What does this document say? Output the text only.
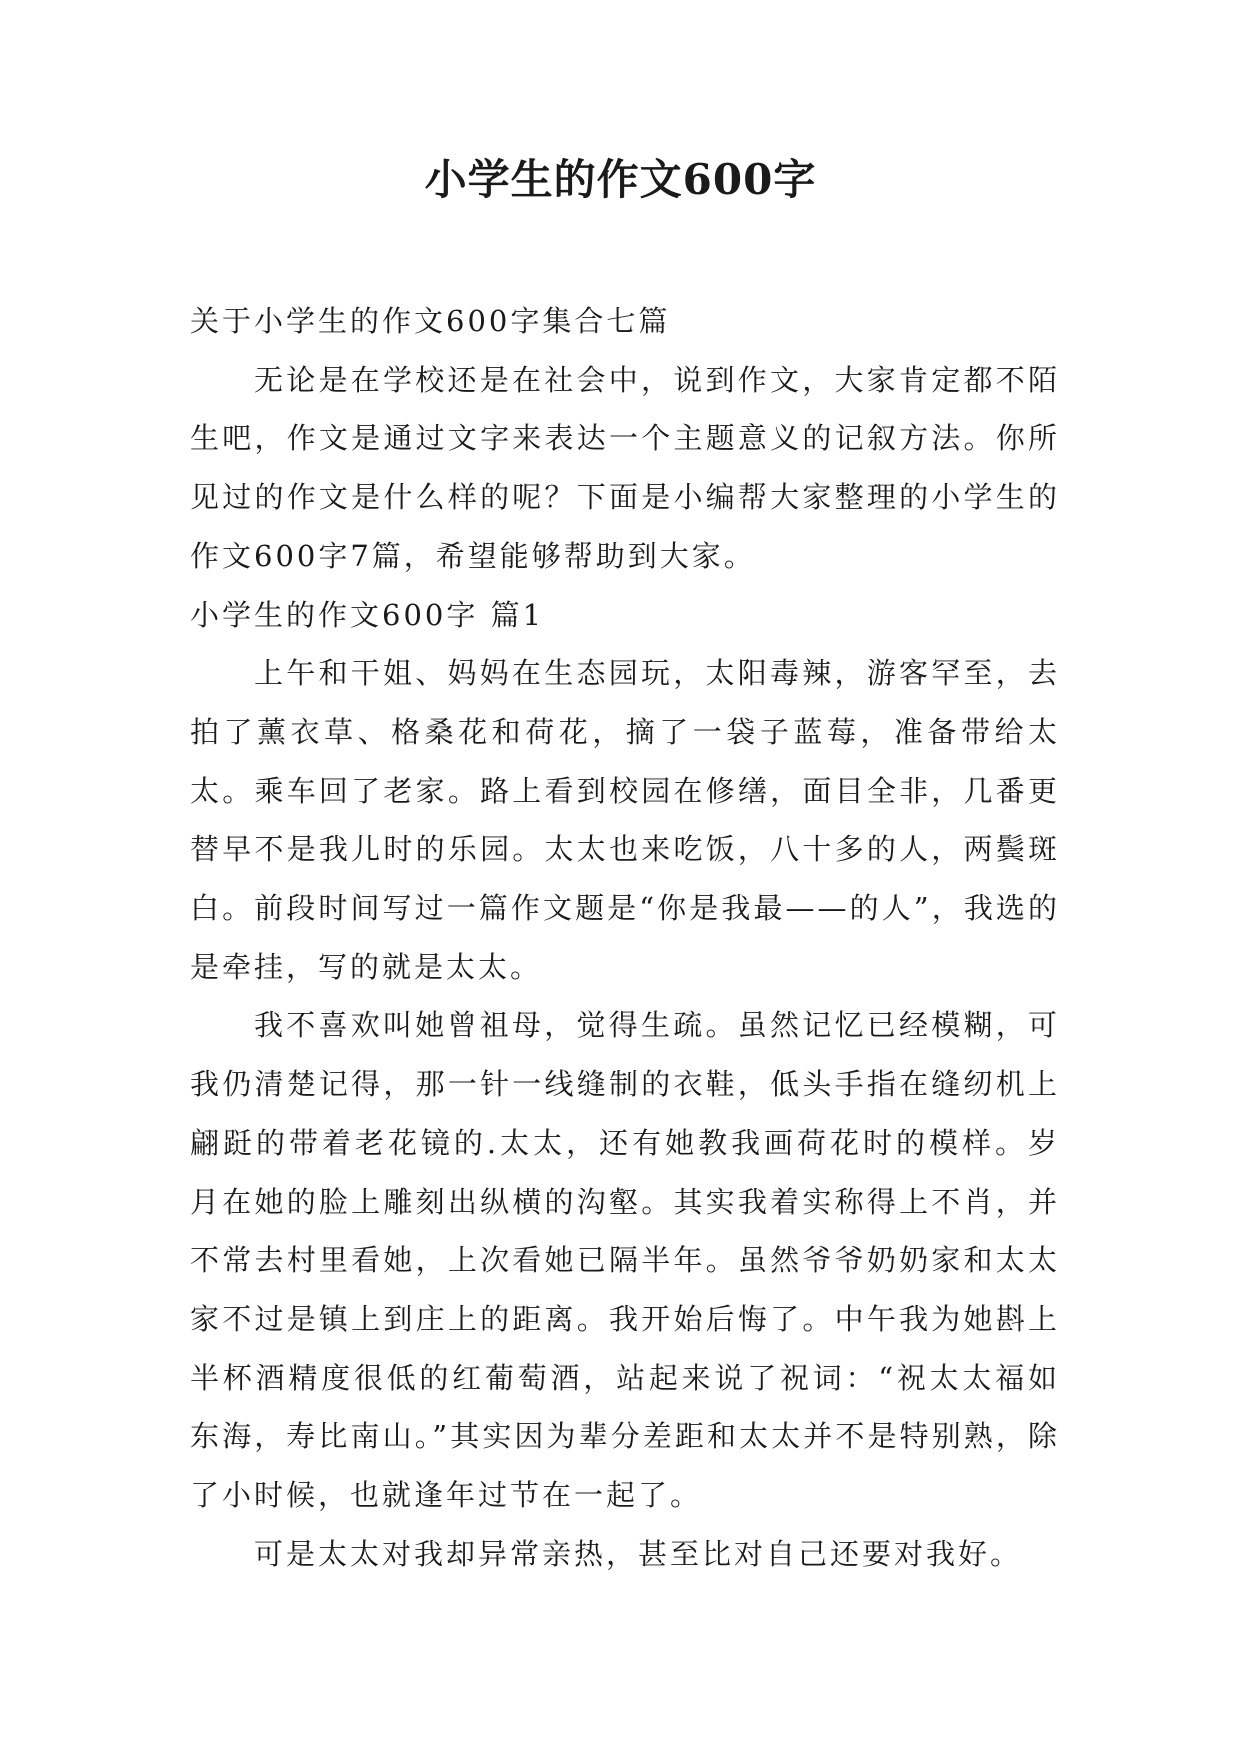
小学生的作文600字

关于小学生的作文600字集合七篇

无论是在学校还是在社会中，说到作文，大家肯定都不陌生吧，作文是通过文字来表达一个主题意义的记叙方法。你所见过的作文是什么样的呢？下面是小编帮大家整理的小学生的作文600字7篇，希望能够帮助到大家。

小学生的作文600字 篇1

上午和干姐、妈妈在生态园玩，太阳毒辣，游客罕至，去拍了薰衣草、格桑花和荷花，摘了一袋子蓝莓，准备带给太太。乘车回了老家。路上看到校园在修缮，面目全非，几番更替早不是我儿时的乐园。太太也来吃饭，八十多的人，两鬓斑白。前段时间写过一篇作文题是“你是我最——的人”，我选的是牵挂，写的就是太太。

我不喜欢叫她曾祖母，觉得生疏。虽然记忆已经模糊，可我仍清楚记得，那一针一线缝制的衣鞋，低头手指在缝纫机上翩跹的带着老花镜的.太太，还有她教我画荷花时的模样。岁月在她的脸上雕刻出纵横的沟壑。其实我着实称得上不肖，并不常去村里看她，上次看她已隔半年。虽然爷爷奶奶家和太太家不过是镇上到庄上的距离。我开始后悔了。中午我为她斟上半杯酒精度很低的红葡萄酒，站起来说了祝词：“祝太太福如东海，寿比南山。”其实因为辈分差距和太太并不是特别熟，除了小时候，也就逢年过节在一起了。

可是太太对我却异常亲热，甚至比对自己还要对我好。
